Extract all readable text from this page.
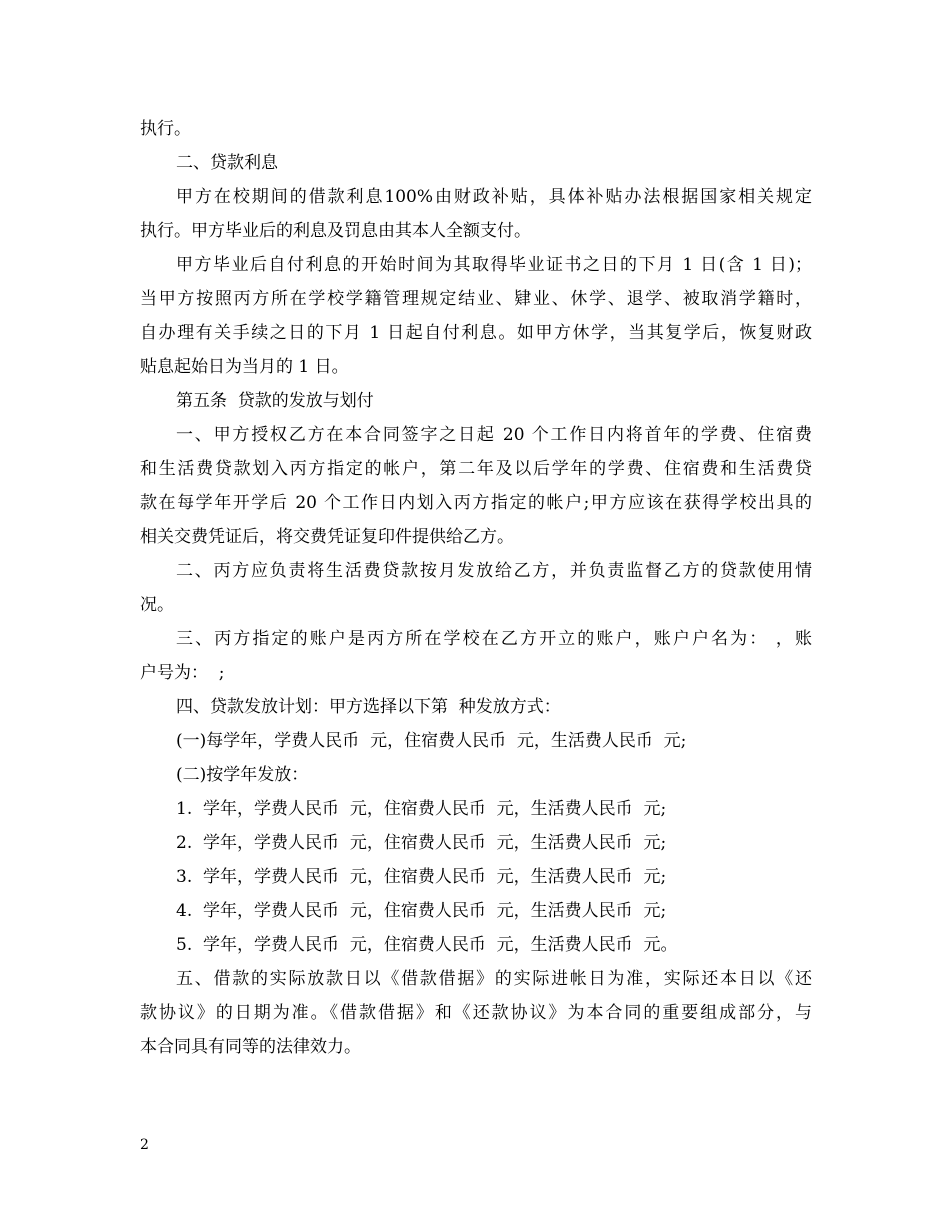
执行。
二、贷款利息
甲方在校期间的借款利息100%由财政补贴，具体补贴办法根据国家相关规定
执行。甲方毕业后的利息及罚息由其本人全额支付。
甲方毕业后自付利息的开始时间为其取得毕业证书之日的下月 1 日(含 1 日)；
当甲方按照丙方所在学校学籍管理规定结业、肄业、休学、退学、被取消学籍时，
自办理有关手续之日的下月 1 日起自付利息。如甲方休学，当其复学后，恢复财政
贴息起始日为当月的 1 日。
第五条  贷款的发放与划付
一、甲方授权乙方在本合同签字之日起 20 个工作日内将首年的学费、住宿费
和生活费贷款划入丙方指定的帐户，第二年及以后学年的学费、住宿费和生活费贷
款在每学年开学后 20 个工作日内划入丙方指定的帐户;甲方应该在获得学校出具的
相关交费凭证后，将交费凭证复印件提供给乙方。
二、丙方应负责将生活费贷款按月发放给乙方，并负责监督乙方的贷款使用情
况。
三、丙方指定的账户是丙方所在学校在乙方开立的账户，账户户名为： ，账
户号为：  ;
四、贷款发放计划：甲方选择以下第  种发放方式：
(一)每学年，学费人民币  元，住宿费人民币  元，生活费人民币  元;
(二)按学年发放：
1.  学年，学费人民币  元，住宿费人民币  元，生活费人民币  元;
2.  学年，学费人民币  元，住宿费人民币  元，生活费人民币  元;
3.  学年，学费人民币  元，住宿费人民币  元，生活费人民币  元;
4.  学年，学费人民币  元，住宿费人民币  元，生活费人民币  元;
5.  学年，学费人民币  元，住宿费人民币  元，生活费人民币  元。
五、借款的实际放款日以《借款借据》的实际进帐日为准，实际还本日以《还
款协议》的日期为准。《借款借据》和《还款协议》为本合同的重要组成部分，与
本合同具有同等的法律效力。
2
